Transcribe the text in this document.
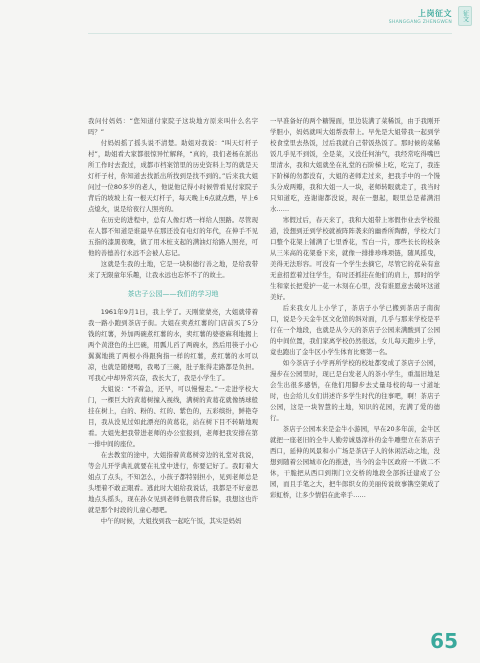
上岗征文
SHANGGANG ZHENGWEN
征文

我问付妈妈：“您知道付家院子这块地方原来叫什么名字吗？”

付妈妈摇了摇头说不清楚。助姐对我说：“叫天灯杆子村”，助姐看大家都很惊异忙解释，“真的，我们老杨在派出所工作时去查过，成都市档案馆里的历史资料上写的就是天灯杆子村，你知道去找派出所找到是找不到的。”后来我大姐问过一位80多岁的老人，他说他记得小时候曾看见付家院子背后的坡坡上有一根天灯杆子，每天晚上6点就点燃，早上6点熄火，说是给夜行人照亮的。

在历史的进程中，总有人像灯塔一样给人照路。尽管现在人都不知道是谁最早在那还没有电灯的年代，在伸手不见五指的漆黑夜晚，做了用木桩支起的满油灯给路人照亮，可他的善德善行永远不会被人忘记。

这就是生我的土地，它是一块积德行善之地，是给我带来了无限童年乐趣，让我永远也忘怀不了的故土。

茶店子公园——我们的学习地

1961年9月1日，我上学了。天刚蒙蒙亮，大姐就带着我一路小跑到茶店子街。大姐在卖煮红薯的门店前买了5分钱的红薯，外加两碗煮红薯的水，卖红薯的婆婆麻利地揭上两个黄澄色的土巴碗，用瓢儿舀了两碗水，然后用筷子小心翼翼地挑了两根小得跟狗指一样的红薯，煮红薯的水可以凉，也就是随便喝，我喝了三碗，肚子胀得走路都是负担。可我心中却异常兴奋，我长大了，我是小学生了。

大姐说：“不着急，还早，可以慢慢走。”一走进学校大门，一棵巨大的黄葛树撞入视线，满树的黄葛花就像绣球般挂在树上，白的、粉的、红的、紫色的，五彩缤纷，鲜艳夺目，我从没见过如此漂亮的黄葛花，站在树下目不转睛地观看。大姐先把我带进老师的办公室报到，老师把我安排在第一排中间的座位。

在去教室的途中，大姐指着黄葛树旁边的礼堂对我说，等会儿开学典礼就要在礼堂中进行，你要记好了。我盯着大姐点了点头，不知怎么，小孩子都特别担小，见到老师总是头埋着不敢正眼看。逃此时大姐给我说话，我都是不好意思地点头摇头，现在孙女见到老师也朝我背后躲，我想这也许就是那个时段的儿童心理吧。

中午的时候，大姐找到我一起吃午饭，其实是妈妈

一早准备好的两个糖馒面，里边装满了菜稀饭，由于我刚开学胆小，妈妈就叫大姐帮我带上。早先是大姐带我一起到学校食堂里去热饭，过后我就自己带饭热饭了。那时候的菜稀饭几乎见不到饭，全是菜，又没任何油气，我经常吃得嘴巴里清水，我和大姐就坐在礼堂的石阶梯上吃，吃完了，我连下阶梯的勿都没有，大姐的老师走过来，把我手中的一个馒头分成两瓣，我和大姐一人一块，老师转眼就走了，我当时只知道吃，连谢谢都没说，现在一想起，眼里总是蓄满泪水……

寒假过后，春天来了，我和大姐带上寒假作业去学校报道，没想到迁到学校就被阵阵袭来的幽香所陶醉，学校大门口整个花架上铺满了七里香花，雪白一片，那些长长的枝条从三米高的花架垂下来，就像一排排珍珠项链，随风摇曳，美得无法形容。可没有一个学生去摘它，尽管它的花朵有意无意招惹着过往学生，有时还抓挂在他们的肩上，那时的学生和家长把爱护一花一木刻在心里，没有谁愿意去破坏这道美好。

后来我女儿上小学了，茶店子小学已搬到茶店子南街口，说是今天金牛区文化馆的斜对面，几乎与那来学校是平行在一个地段，也就是从今天的茶店子公园来满酸到了公园的中间位置，我们家离学校仍然很远，女儿每天跑步上学，竟也跑出了金牛区小学生体育比赛第一名。

如今茶店子小学再所学校的校址都变成了茶店子公园，漫步在公园里时，现已是白发老人的茶小学生，重温旧地足会生出很多感悟，在他们用脚步去丈量母校的每一寸道址时，也会给儿女们讲述许多学生时代的往事吧，啊！茶店子公园，这是一块智慧的土地，知识的花园，充满了爱的德行。

茶店子公园本来是金牛小游园，早在20多年前，金牛区就把一座老旧的全牛人勤劳诚恳淳朴的金牛雕塑立在茶店子西口，延伸的风景和小广场是茶店子人的休闲活动之地，没想到随着公园城市化的推进，当今的金牛区政府一不做二不休，干脆把从西口到荆门立交桥的地段全部拆迁建成了公园，而且手笔之大，把牛郎织女的美丽传说故事镌空架成了彩虹桥，让多少情侣在此牵手……

65
